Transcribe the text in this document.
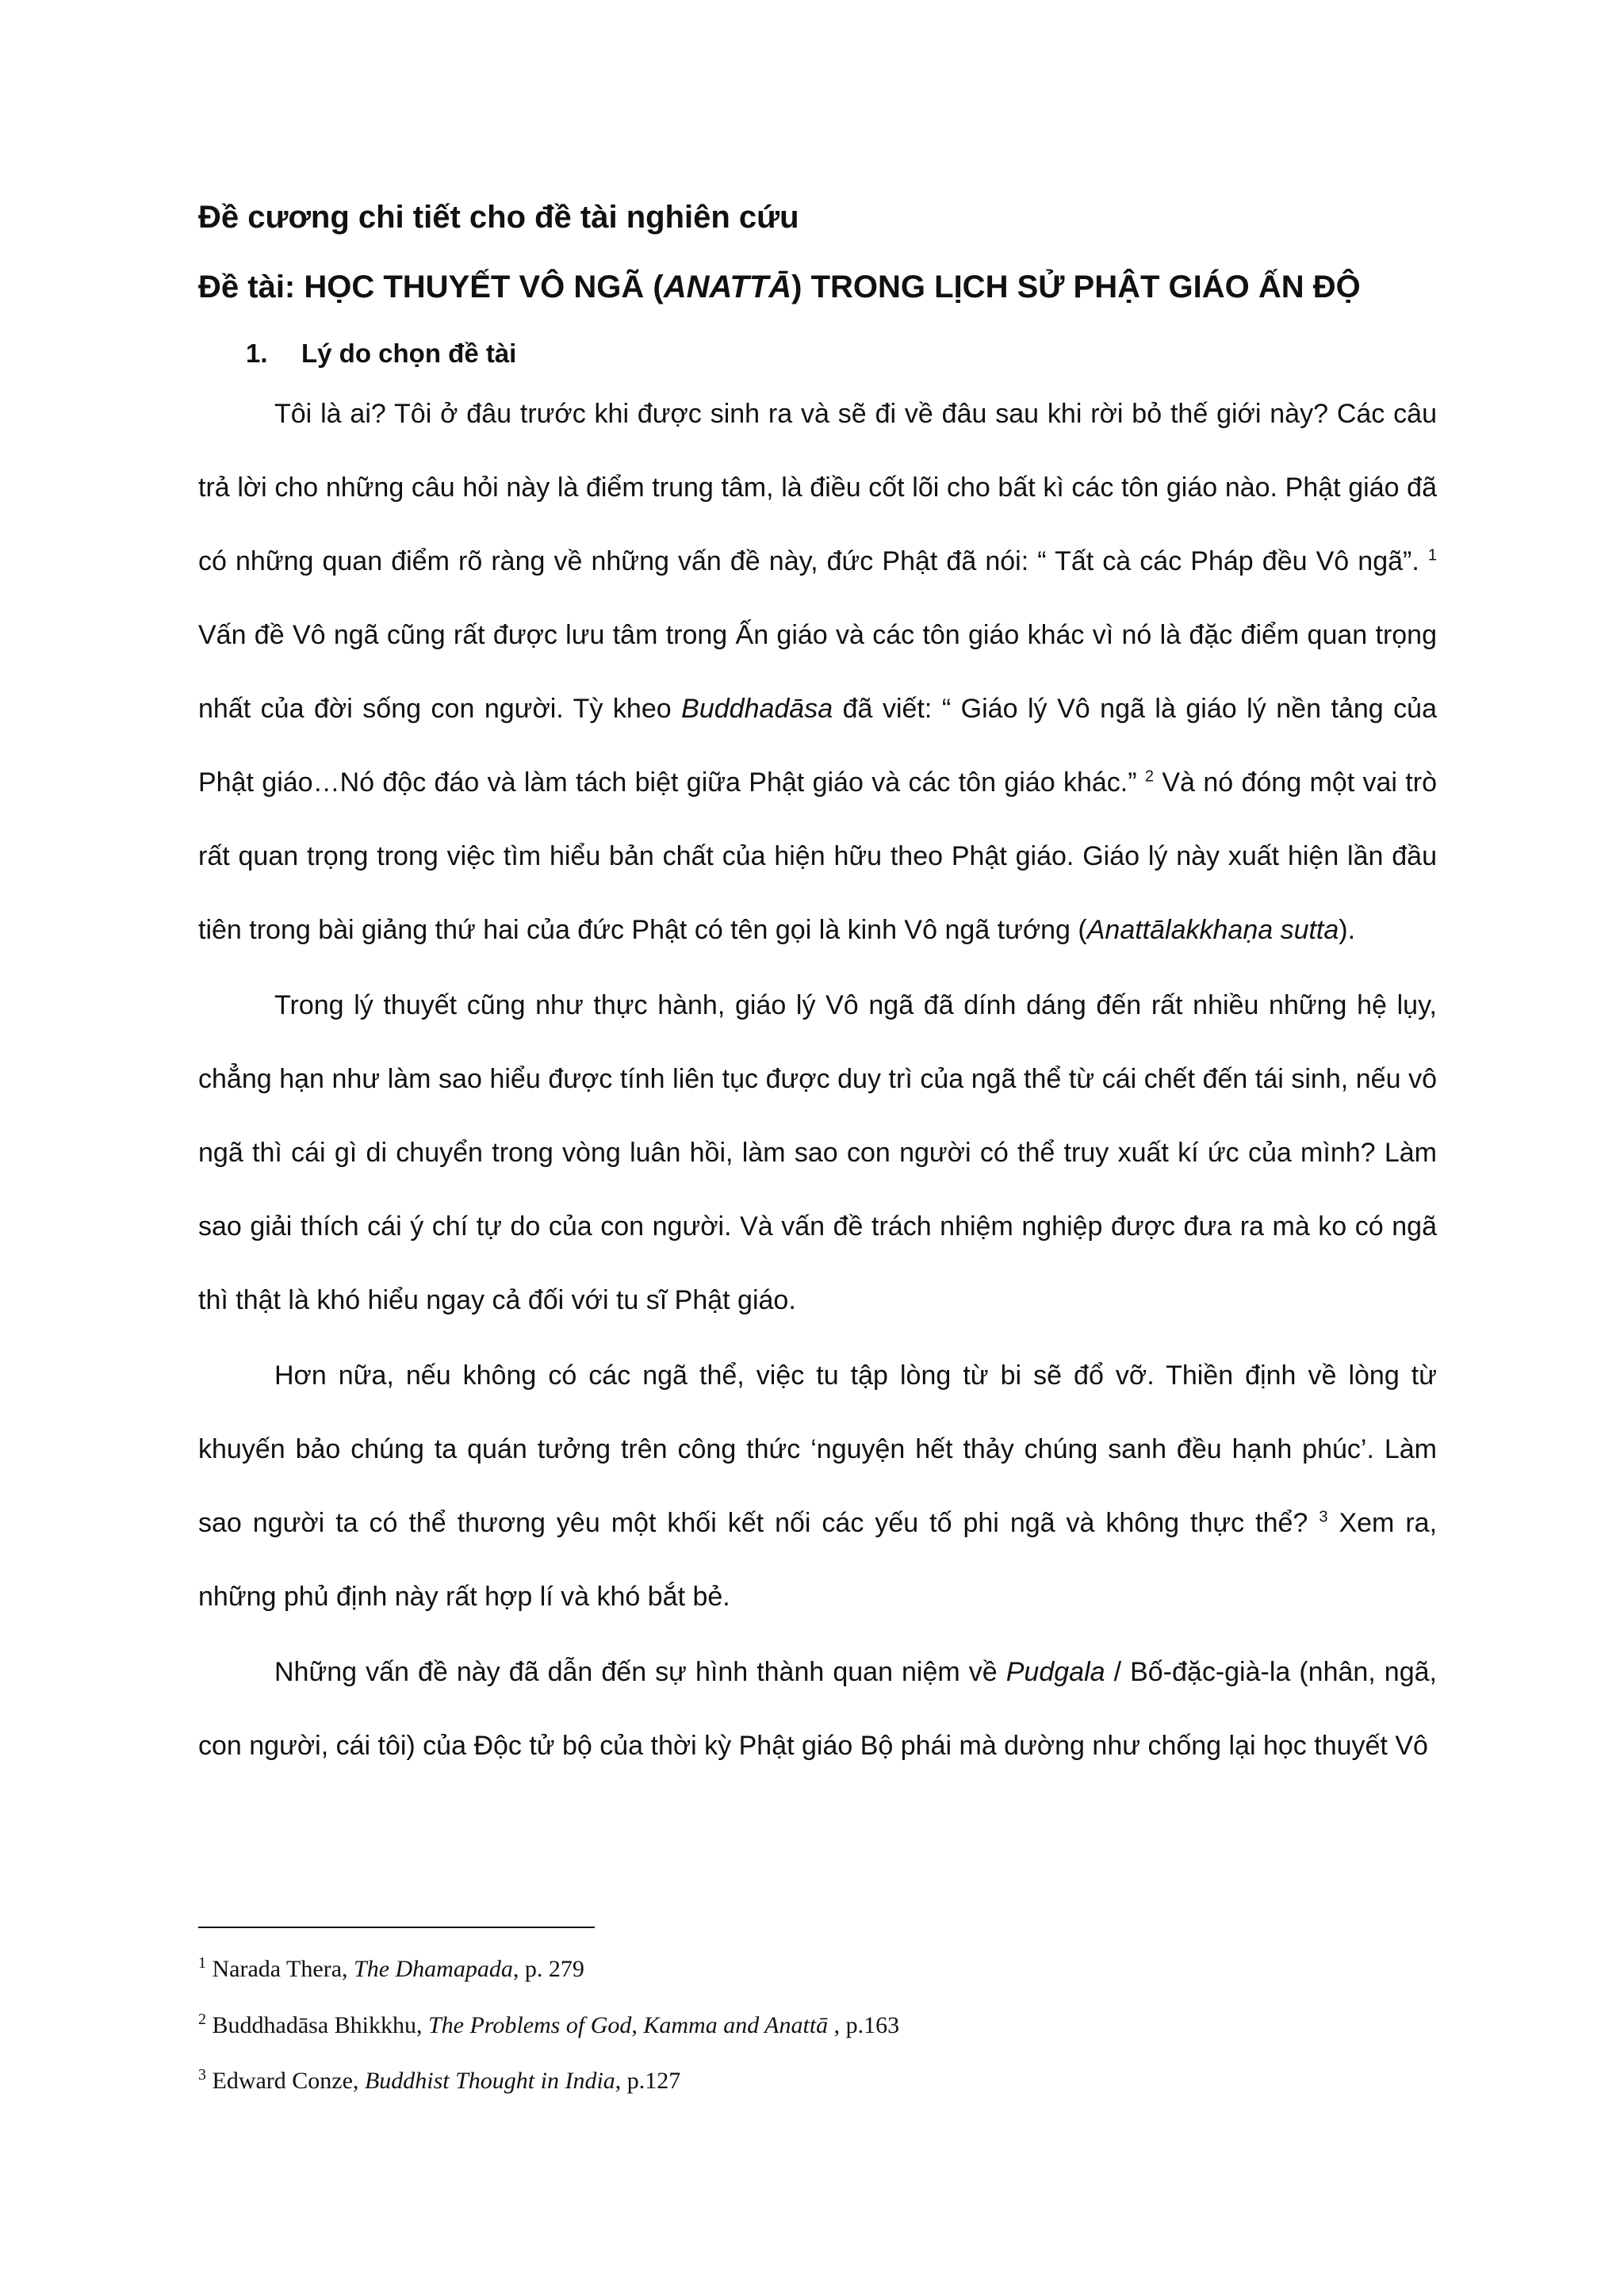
Đề cương chi tiết cho đề tài nghiên cứu
Đề tài: HỌC THUYẾT VÔ NGÃ (ANATTĀ) TRONG LỊCH SỬ PHẬT GIÁO ẤN ĐỘ
1. Lý do chọn đề tài

Tôi là ai? Tôi ở đâu trước khi được sinh ra và sẽ đi về đâu sau khi rời bỏ thế giới này? Các câu trả lời cho những câu hỏi này là điểm trung tâm, là điều cốt lõi cho bất kì các tôn giáo nào. Phật giáo đã có những quan điểm rõ ràng về những vấn đề này, đức Phật đã nói: “ Tất cà các Pháp đều Vô ngã”. $^1$ Vấn đề Vô ngã cũng rất được lưu tâm trong Ấn giáo và các tôn giáo khác vì nó là đặc điểm quan trọng nhất của đời sống con người. Tỳ kheo Buddhadāsa đã viết: “ Giáo lý Vô ngã là giáo lý nền tảng của Phật giáo…Nó độc đáo và làm tách biệt giữa Phật giáo và các tôn giáo khác.” $^2$ Và nó đóng một vai trò rất quan trọng trong việc tìm hiểu bản chất của hiện hữu theo Phật giáo. Giáo lý này xuất hiện lần đầu tiên trong bài giảng thứ hai của đức Phật có tên gọi là kinh Vô ngã tướng (Anattālakkhaṇa sutta).

Trong lý thuyết cũng như thực hành, giáo lý Vô ngã đã dính dáng đến rất nhiều những hệ lụy, chẳng hạn như làm sao hiểu được tính liên tục được duy trì của ngã thể từ cái chết đến tái sinh, nếu vô ngã thì cái gì di chuyển trong vòng luân hồi, làm sao con người có thể truy xuất kí ức của mình? Làm sao giải thích cái ý chí tự do của con người. Và vấn đề trách nhiệm nghiệp được đưa ra mà ko có ngã thì thật là khó hiểu ngay cả đối với tu sĩ Phật giáo.

Hơn nữa, nếu không có các ngã thể, việc tu tập lòng từ bi sẽ đổ vỡ. Thiền định về lòng từ khuyến bảo chúng ta quán tưởng trên công thức ‘nguyện hết thảy chúng sanh đều hạnh phúc’. Làm sao người ta có thể thương yêu một khối kết nối các yếu tố phi ngã và không thực thể? $^3$ Xem ra, những phủ định này rất hợp lí và khó bắt bẻ.

Những vấn đề này đã dẫn đến sự hình thành quan niệm về Pudgala / Bố-đặc-già-la (nhân, ngã, con người, cái tôi) của Độc tử bộ của thời kỳ Phật giáo Bộ phái mà dường như chống lại học thuyết Vô

$^1$ Narada Thera, The Dhamapada, p. 279
$^2$ Buddhadāsa Bhikkhu, The Problems of God, Kamma and Anattā , p.163
$^3$ Edward Conze, Buddhist Thought in India, p.127
